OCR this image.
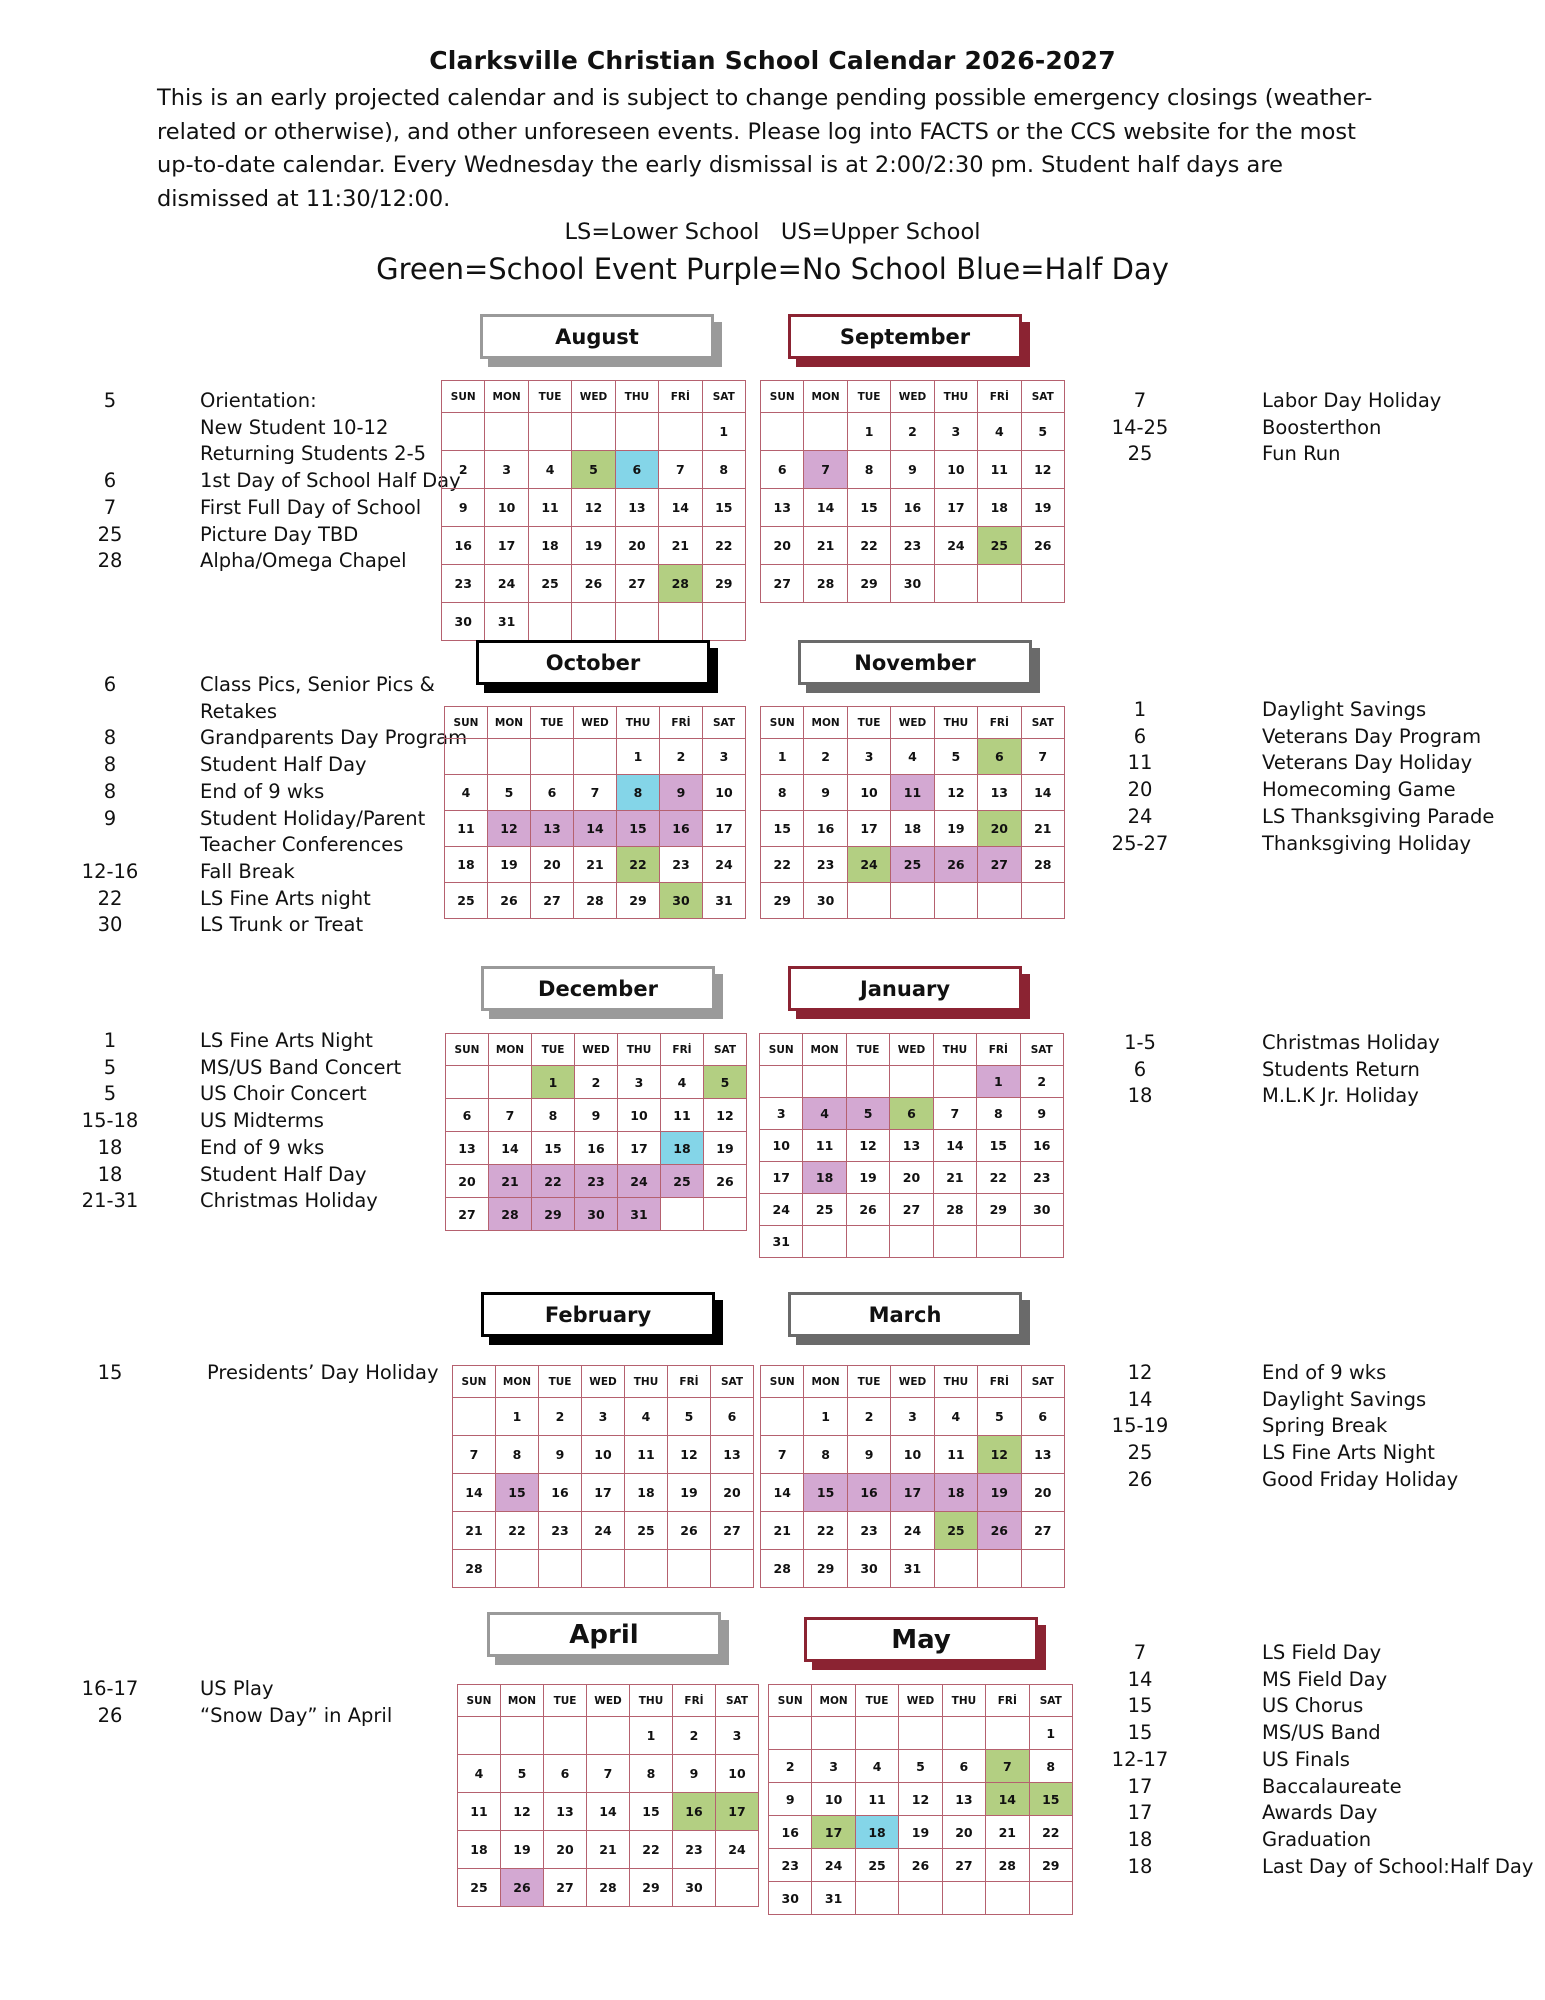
Clarksville Christian School Calendar 2026-2027
This is an early projected calendar and is subject to change pending possible emergency closings (weather-related or otherwise), and other unforeseen events. Please log into FACTS or the CCS website for the most up-to-date calendar. Every Wednesday the early dismissal is at 2:00/2:30 pm. Student half days are dismissed at 11:30/12:00.
LS=Lower School   US=Upper School
Green=School Event Purple=No School Blue=Half Day
August
SUN	MON	TUE	WED	THU	FRİ	SAT
						1
2	3	4	5	6	7	8
9	10	11	12	13	14	15
16	17	18	19	20	21	22
23	24	25	26	27	28	29
30	31					
5	Orientation:
New Student 10-12
Returning Students 2-5
6	1st Day of School Half Day
7	First Full Day of School
25	Picture Day TBD
28	Alpha/Omega Chapel
September
SUN	MON	TUE	WED	THU	FRİ	SAT
		1	2	3	4	5
6	7	8	9	10	11	12
13	14	15	16	17	18	19
20	21	22	23	24	25	26
27	28	29	30			
7	Labor Day Holiday
14-25	Boosterthon
25	Fun Run
October
SUN	MON	TUE	WED	THU	FRİ	SAT
				1	2	3
4	5	6	7	8	9	10
11	12	13	14	15	16	17
18	19	20	21	22	23	24
25	26	27	28	29	30	31
6	Class Pics, Senior Pics &
Retakes
8	Grandparents Day Program
8	Student Half Day
8	End of 9 wks
9	Student Holiday/Parent
Teacher Conferences
12-16	Fall Break
22	LS Fine Arts night
30	LS Trunk or Treat
November
SUN	MON	TUE	WED	THU	FRİ	SAT
1	2	3	4	5	6	7
8	9	10	11	12	13	14
15	16	17	18	19	20	21
22	23	24	25	26	27	28
29	30					
1	Daylight Savings
6	Veterans Day Program
11	Veterans Day Holiday
20	Homecoming Game
24	LS Thanksgiving Parade
25-27	Thanksgiving Holiday
December
SUN	MON	TUE	WED	THU	FRİ	SAT
		1	2	3	4	5
6	7	8	9	10	11	12
13	14	15	16	17	18	19
20	21	22	23	24	25	26
27	28	29	30	31		
1	LS Fine Arts Night
5	MS/US Band Concert
5	US Choir Concert
15-18	US Midterms
18	End of 9 wks
18	Student Half Day
21-31	Christmas Holiday
January
SUN	MON	TUE	WED	THU	FRİ	SAT
					1	2
3	4	5	6	7	8	9
10	11	12	13	14	15	16
17	18	19	20	21	22	23
24	25	26	27	28	29	30
31						
1-5	Christmas Holiday
6	Students Return
18	M.L.K Jr. Holiday
February
SUN	MON	TUE	WED	THU	FRİ	SAT
	1	2	3	4	5	6
7	8	9	10	11	12	13
14	15	16	17	18	19	20
21	22	23	24	25	26	27
28						
15	Presidents’ Day Holiday
March
SUN	MON	TUE	WED	THU	FRİ	SAT
	1	2	3	4	5	6
7	8	9	10	11	12	13
14	15	16	17	18	19	20
21	22	23	24	25	26	27
28	29	30	31			
12	End of 9 wks
14	Daylight Savings
15-19	Spring Break
25	LS Fine Arts Night
26	Good Friday Holiday
April
SUN	MON	TUE	WED	THU	FRİ	SAT
				1	2	3
4	5	6	7	8	9	10
11	12	13	14	15	16	17
18	19	20	21	22	23	24
25	26	27	28	29	30	
16-17	US Play
26	“Snow Day” in April
May
SUN	MON	TUE	WED	THU	FRİ	SAT
						1
2	3	4	5	6	7	8
9	10	11	12	13	14	15
16	17	18	19	20	21	22
23	24	25	26	27	28	29
30	31					
7	LS Field Day
14	MS Field Day
15	US Chorus
15	MS/US Band
12-17	US Finals
17	Baccalaureate
17	Awards Day
18	Graduation
18	Last Day of School:Half Day
